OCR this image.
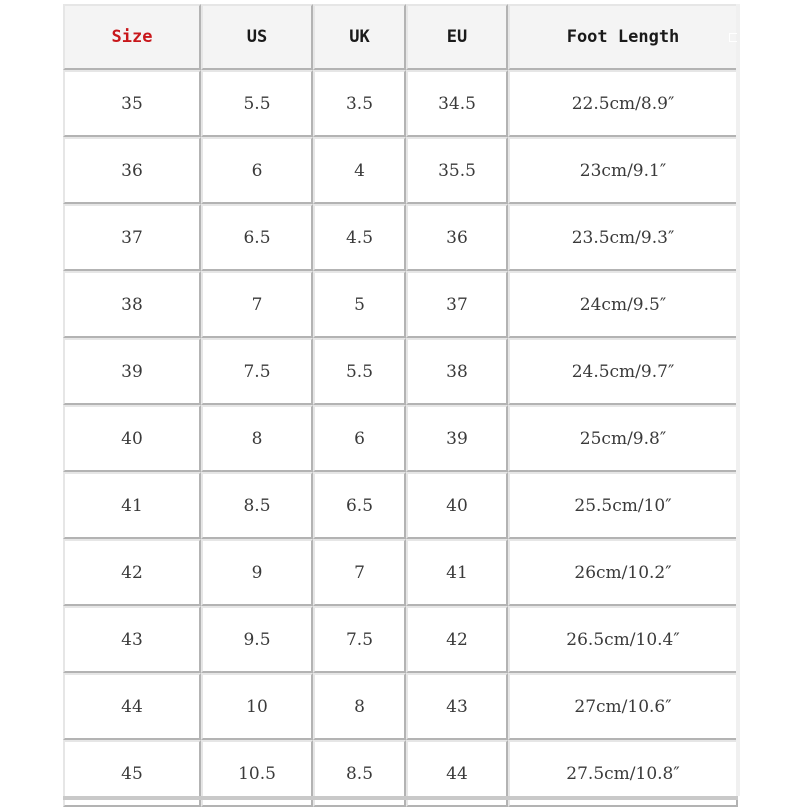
Size	US	UK	EU	Foot Length
35	5.5	3.5	34.5	22.5cm/8.9″
36	6	4	35.5	23cm/9.1″
37	6.5	4.5	36	23.5cm/9.3″
38	7	5	37	24cm/9.5″
39	7.5	5.5	38	24.5cm/9.7″
40	8	6	39	25cm/9.8″
41	8.5	6.5	40	25.5cm/10″
42	9	7	41	26cm/10.2″
43	9.5	7.5	42	26.5cm/10.4″
44	10	8	43	27cm/10.6″
45	10.5	8.5	44	27.5cm/10.8″
